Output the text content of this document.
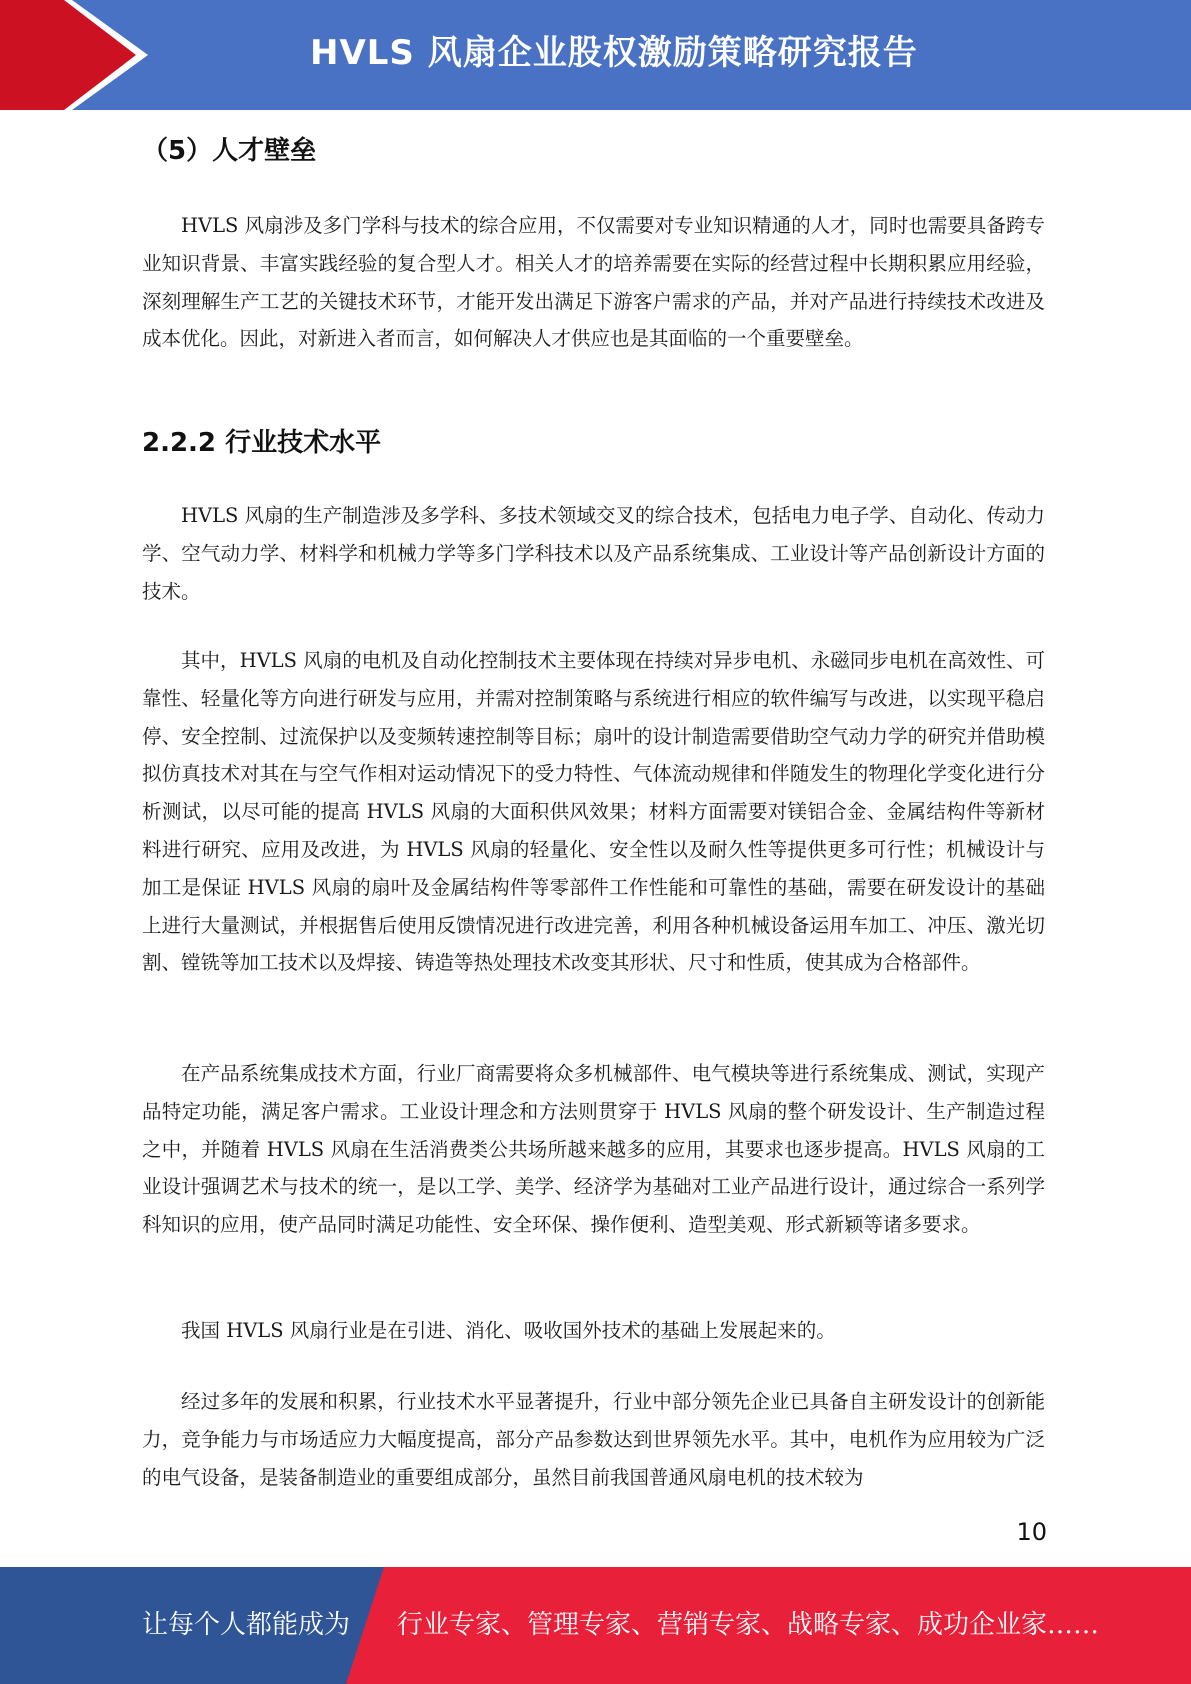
HVLS 风扇企业股权激励策略研究报告
（5）人才壁垒

HVLS 风扇涉及多门学科与技术的综合应用，不仅需要对专业知识精通的人才，同时也需要具备跨专业知识背景、丰富实践经验的复合型人才。相关人才的培养需要在实际的经营过程中长期积累应用经验，深刻理解生产工艺的关键技术环节，才能开发出满足下游客户需求的产品，并对产品进行持续技术改进及成本优化。因此，对新进入者而言，如何解决人才供应也是其面临的一个重要壁垒。

2.2.2 行业技术水平

HVLS 风扇的生产制造涉及多学科、多技术领域交叉的综合技术，包括电力电子学、自动化、传动力学、空气动力学、材料学和机械力学等多门学科技术以及产品系统集成、工业设计等产品创新设计方面的技术。

其中，HVLS 风扇的电机及自动化控制技术主要体现在持续对异步电机、永磁同步电机在高效性、可靠性、轻量化等方向进行研发与应用，并需对控制策略与系统进行相应的软件编写与改进，以实现平稳启停、安全控制、过流保护以及变频转速控制等目标；扇叶的设计制造需要借助空气动力学的研究并借助模拟仿真技术对其在与空气作相对运动情况下的受力特性、气体流动规律和伴随发生的物理化学变化进行分析测试，以尽可能的提高 HVLS 风扇的大面积供风效果；材料方面需要对镁铝合金、金属结构件等新材料进行研究、应用及改进，为 HVLS 风扇的轻量化、安全性以及耐久性等提供更多可行性；机械设计与加工是保证 HVLS 风扇的扇叶及金属结构件等零部件工作性能和可靠性的基础，需要在研发设计的基础上进行大量测试，并根据售后使用反馈情况进行改进完善，利用各种机械设备运用车加工、冲压、激光切割、镗铣等加工技术以及焊接、铸造等热处理技术改变其形状、尺寸和性质，使其成为合格部件。

在产品系统集成技术方面，行业厂商需要将众多机械部件、电气模块等进行系统集成、测试，实现产品特定功能，满足客户需求。工业设计理念和方法则贯穿于 HVLS 风扇的整个研发设计、生产制造过程之中，并随着 HVLS 风扇在生活消费类公共场所越来越多的应用，其要求也逐步提高。HVLS 风扇的工业设计强调艺术与技术的统一，是以工学、美学、经济学为基础对工业产品进行设计，通过综合一系列学科知识的应用，使产品同时满足功能性、安全环保、操作便利、造型美观、形式新颖等诸多要求。

我国 HVLS 风扇行业是在引进、消化、吸收国外技术的基础上发展起来的。

经过多年的发展和积累，行业技术水平显著提升，行业中部分领先企业已具备自主研发设计的创新能力，竞争能力与市场适应力大幅度提高，部分产品参数达到世界领先水平。其中，电机作为应用较为广泛的电气设备，是装备制造业的重要组成部分，虽然目前我国普通风扇电机的技术较为

10
让每个人都能成为 行业专家、管理专家、营销专家、战略专家、成功企业家……
